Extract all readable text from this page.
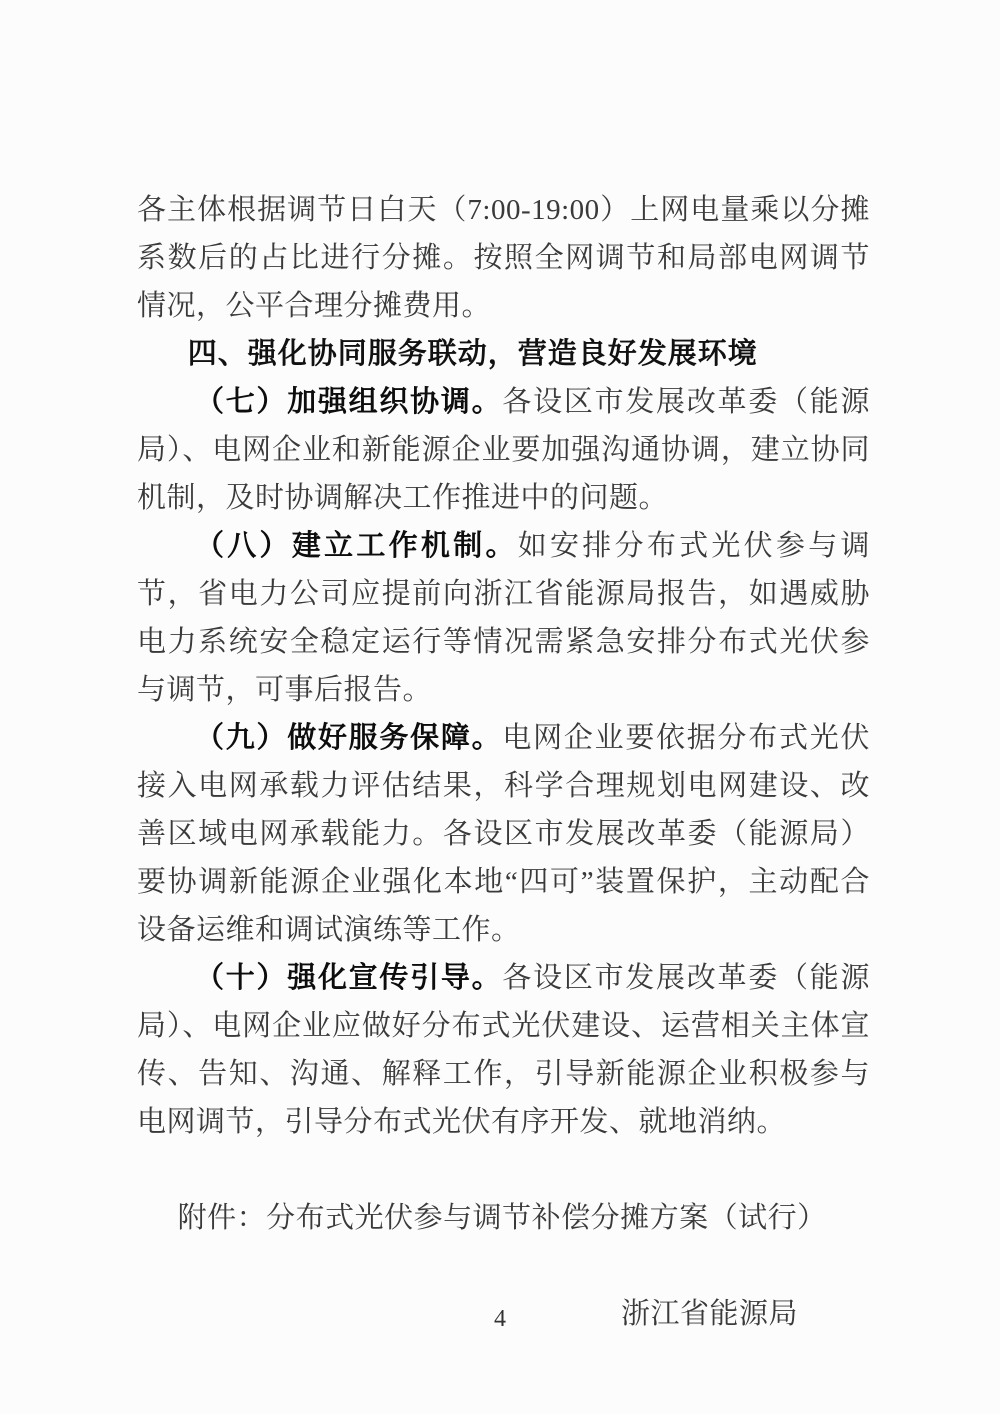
各主体根据调节日白天（7:00-19:00）上网电量乘以分摊系数后的占比进行分摊。按照全网调节和局部电网调节情况，公平合理分摊费用。

四、强化协同服务联动，营造良好发展环境

（七）加强组织协调。各设区市发展改革委（能源局）、电网企业和新能源企业要加强沟通协调，建立协同机制，及时协调解决工作推进中的问题。

（八）建立工作机制。如安排分布式光伏参与调节，省电力公司应提前向浙江省能源局报告，如遇威胁电力系统安全稳定运行等情况需紧急安排分布式光伏参与调节，可事后报告。

（九）做好服务保障。电网企业要依据分布式光伏接入电网承载力评估结果，科学合理规划电网建设、改善区域电网承载能力。各设区市发展改革委（能源局）要协调新能源企业强化本地“四可”装置保护，主动配合设备运维和调试演练等工作。

（十）强化宣传引导。各设区市发展改革委（能源局）、电网企业应做好分布式光伏建设、运营相关主体宣传、告知、沟通、解释工作，引导新能源企业积极参与电网调节，引导分布式光伏有序开发、就地消纳。

附件：分布式光伏参与调节补偿分摊方案（试行）

浙江省能源局

4
